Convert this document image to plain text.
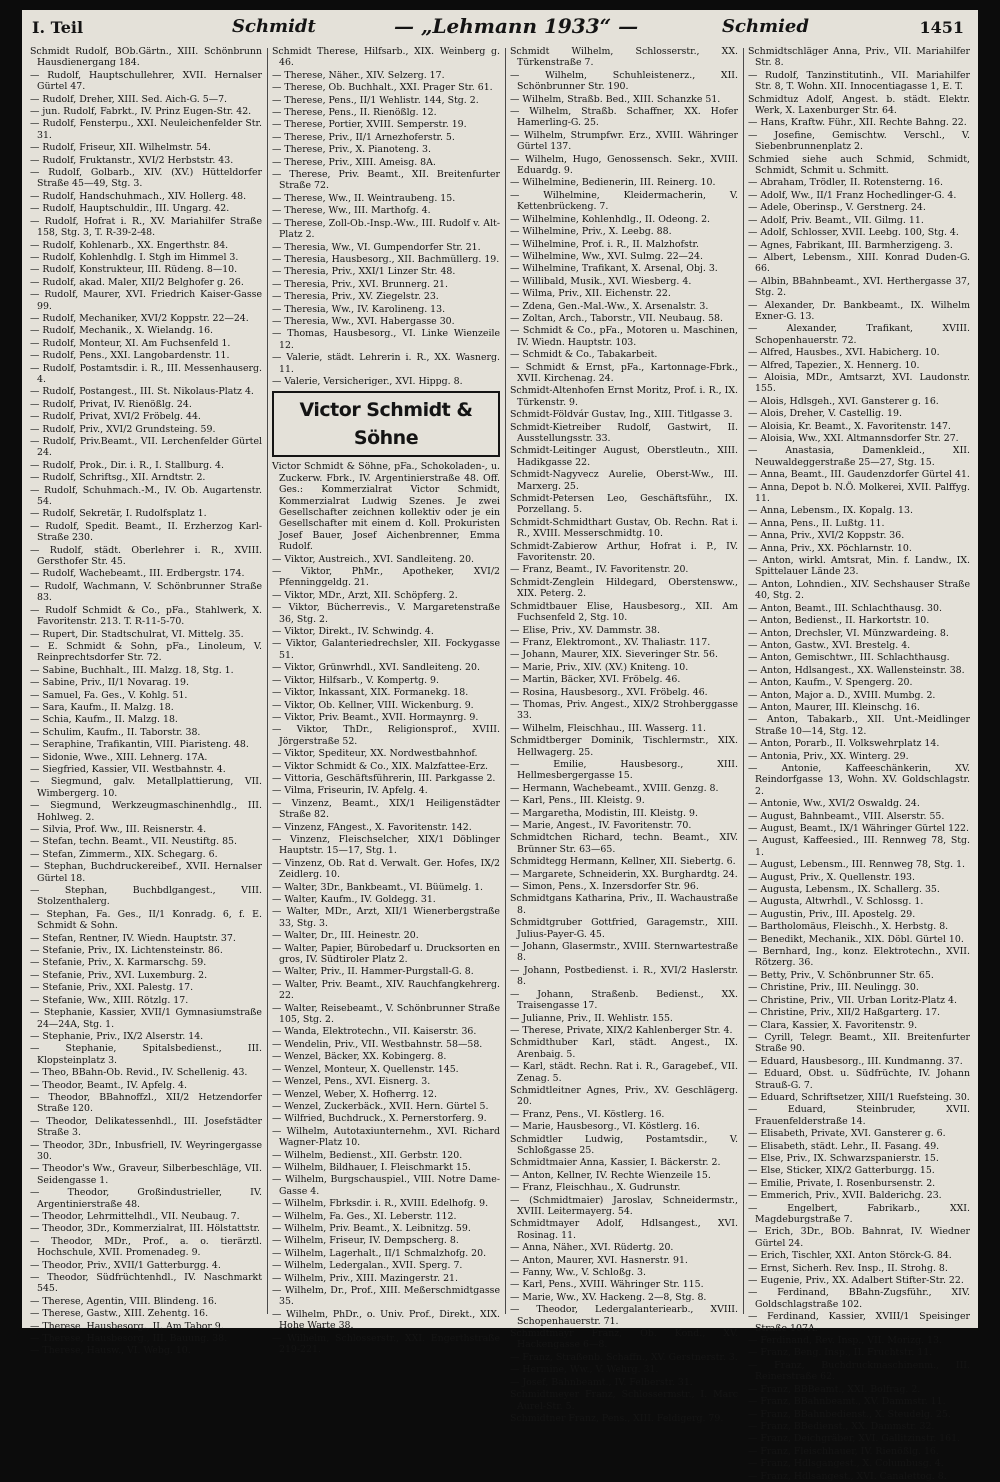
I. Teil	Schmidt	— „Lehmann 1933“ —	Schmied	1451
Schmidt Rudolf, BOb.Gärtn., XIII. Schönbrunn Hausdienergang 184.
— Rudolf, Hauptschullehrer, XVII. Hernalser Gürtel 47.
— Rudolf, Dreher, XIII. Sed. Aich-G. 5—7.
— jun. Rudolf, Fabrkt., IV. Prinz Eugen-Str. 42.
— Rudolf, Fensterpu., XXI. Neuleichenfelder Str. 31.
— Rudolf, Friseur, XII. Wilhelmstr. 54.
— Rudolf, Fruktanstr., XVI/2 Herbststr. 43.
— Rudolf, Golbarb., XIV. (XV.) Hütteldorfer Straße 45—49, Stg. 3.
— Rudolf, Handschuhmach., XIV. Hollerg. 48.
— Rudolf, Hauptschuldir., III. Ungarg. 42.
— Rudolf, Hofrat i. R., XV. Mariahilfer Straße 158, Stg. 3, T. R-39-2-48.
— Rudolf, Kohlenarb., XX. Engerthstr. 84.
— Rudolf, Kohlenhdlg. I. Stgh im Himmel 3.
— Rudolf, Konstrukteur, III. Rüdeng. 8—10.
— Rudolf, akad. Maler, XII/2 Belghofer g. 26.
— Rudolf, Maurer, XVI. Friedrich Kaiser-Gasse 99.
— Rudolf, Mechaniker, XVI/2 Koppstr. 22—24.
— Rudolf, Mechanik., X. Wielandg. 16.
— Rudolf, Monteur, XI. Am Fuchsenfeld 1.
— Rudolf, Pens., XXI. Langobardenstr. 11.
— Rudolf, Postamtsdir. i. R., III. Messenhauserg. 4.
— Rudolf, Postangest., III. St. Nikolaus-Platz 4.
— Rudolf, Privat, IV. Rienößlg. 24.
— Rudolf, Privat, XVI/2 Fröbelg. 44.
— Rudolf, Priv., XVI/2 Grundsteing. 59.
— Rudolf, Priv.Beamt., VII. Lerchenfelder Gürtel 24.
— Rudolf, Prok., Dir. i. R., I. Stallburg. 4.
— Rudolf, Schriftsg., XII. Arndtstr. 2.
— Rudolf, Schuhmach.-M., IV. Ob. Augartenstr. 54.
— Rudolf, Sekretär, I. Rudolfsplatz 1.
— Rudolf, Spedit. Beamt., II. Erzherzog Karl-Straße 230.
— Rudolf, städt. Oberlehrer i. R., XVIII. Gersthofer Str. 45.
— Rudolf, Wachebeamt., III. Erdbergstr. 174.
— Rudolf, Wachmann, V. Schönbrunner Straße 83.
— Rudolf Schmidt & Co., pFa., Stahlwerk, X. Favoritenstr. 213. T. R-11-5-70.
— Rupert, Dir. Stadtschulrat, VI. Mittelg. 35.
— E. Schmidt & Sohn, pFa., Linoleum, V. Reinprechtsdorfer Str. 72.
— Sabine, Buchhalt., III. Malzg. 18, Stg. 1.
— Sabine, Priv., II/1 Novarag. 19.
— Samuel, Fa. Ges., V. Kohlg. 51.
— Sara, Kaufm., II. Malzg. 18.
— Schia, Kaufm., II. Malzg. 18.
— Schulim, Kaufm., II. Taborstr. 38.
— Seraphine, Trafikantin, VIII. Piaristeng. 48.
— Sidonie, Wwe., XIII. Lehnerg. 17A.
— Siegfried, Kassier, VII. Westbahnstr. 4.
— Siegmund, galv. Metallplattierung, VII. Wimbergerg. 10.
— Siegmund, Werkzeugmaschinenhdlg., III. Hohlweg. 2.
— Silvia, Prof. Ww., III. Reisnerstr. 4.
— Stefan, techn. Beamt., VII. Neustiftg. 85.
— Stefan, Zimmerm., XIX. Schegarg. 6.
— Stephan, Buchdruckereibef., XVII. Hernalser Gürtel 18.
— Stephan, Buchbdlgangest., VIII. Stolzenthalerg.
— Stephan, Fa. Ges., II/1 Konradg. 6, f. E. Schmidt & Sohn.
— Stefan, Rentner, IV. Wiedn. Hauptstr. 37.
— Stefanie, Priv., IX. Lichtensteinstr. 86.
— Stefanie, Priv., X. Karmarschg. 59.
— Stefanie, Priv., XVI. Luxemburg. 2.
— Stefanie, Priv., XXI. Palestg. 17.
— Stefanie, Ww., XIII. Rötzlg. 17.
— Stephanie, Kassier, XVII/1 Gymnasiumstraße 24—24A, Stg. 1.
— Stephanie, Priv., IX/2 Alserstr. 14.
— Stephanie, Spitalsbedienst., III. Klopsteinplatz 3.
— Theo, BBahn-Ob. Revid., IV. Schellenig. 43.
— Theodor, Beamt., IV. Apfelg. 4.
— Theodor, BBahnoffzl., XII/2 Hetzendorfer Straße 120.
— Theodor, Delikatessenhdl., III. Josefstädter Straße 3.
— Theodor, 3Dr., Inbusfriell, IV. Weyringergasse 30.
— Theodor's Ww., Graveur, Silberbeschläge, VII. Seidengasse 1.
— Theodor, Großindustrieller, IV. Argentinierstraße 48.
— Theodor, Lehrmittelhdl., VII. Neubaug. 7.
— Theodor, 3Dr., Kommerzialrat, III. Hölstattstr.
— Theodor, MDr., Prof., a. o. tierärztl. Hochschule, XVII. Promenadeg. 9.
— Theodor, Priv., XVII/1 Gatterburgg. 4.
— Theodor, Südfrüchtenhdl., IV. Naschmarkt 545.
— Therese, Agentin, VIII. Blindeng. 16.
— Therese, Gastw., XIII. Zehentg. 16.
— Therese, Hausbesorg., II. Am Tabor 9.
— Therese, Hausbesorg., III. Bauung. 38.
— Therese, Hausw., VI. Webg. 10.
Schmidt Therese, Hilfsarb., XIX. Weinberg g. 46.
— Therese, Näher., XIV. Selzerg. 17.
— Therese, Ob. Buchhalt., XXI. Prager Str. 61.
— Therese, Pens., II/1 Wehlistr. 144, Stg. 2.
— Therese, Pens., II. Rienößlg. 12.
— Therese, Portier, XVIII. Semperstr. 19.
— Therese, Priv., II/1 Arnezhoferstr. 5.
— Therese, Priv., X. Pianoteng. 3.
— Therese, Priv., XIII. Ameisg. 8A.
— Therese, Priv. Beamt., XII. Breitenfurter Straße 72.
— Therese, Ww., II. Weintraubeng. 15.
— Therese, Ww., III. Marthofg. 4.
— Therese, Zoll-Ob.-Insp.-Ww., III. Rudolf v. Alt-Platz 2.
— Theresia, Ww., VI. Gumpendorfer Str. 21.
— Theresia, Hausbesorg., XII. Bachmüllerg. 19.
— Theresia, Priv., XXI/1 Linzer Str. 48.
— Theresia, Priv., XVI. Brunnerg. 21.
— Theresia, Priv., XV. Ziegelstr. 23.
— Theresia, Ww., IV. Karolineng. 13.
— Theresia, Ww., XVI. Habergasse 30.
— Thomas, Hausbesorg., VI. Linke Wienzeile 12.
— Valerie, städt. Lehrerin i. R., XX. Wasnerg. 11.
— Valerie, Versicheriger., XVI. Hippg. 8.
Victor Schmidt & Söhne
Victor Schmidt & Söhne, pFa., Schokoladen-, u. Zuckerw. Fbrk., IV. Argentinierstraße 48. Off. Ges.: Kommerzialrat Victor Schmidt, Kommerzialrat Ludwig Szenes. Je zwei Gesellschafter zeichnen kollektiv oder je ein Gesellschafter mit einem d. Koll. Prokuristen Josef Bauer, Josef Aichenbrenner, Emma Rudolf.
— Viktor, Austreich., XVI. Sandleiteng. 20.
— Viktor, PhMr., Apotheker, XVI/2 Pfenninggeldg. 21.
— Viktor, MDr., Arzt, XII. Schöpferg. 2.
— Viktor, Bücherrevis., V. Margaretenstraße 36, Stg. 2.
— Viktor, Direkt., IV. Schwindg. 4.
— Viktor, Galanteriedrechsler, XII. Fockygasse 51.
— Viktor, Grünwrhdl., XVI. Sandleiteng. 20.
— Viktor, Hilfsarb., V. Kompertg. 9.
— Viktor, Inkassant, XIX. Formanekg. 18.
— Viktor, Ob. Kellner, VIII. Wickenburg. 9.
— Viktor, Priv. Beamt., XVII. Hormaynrg. 9.
— Viktor, ThDr., Religionsprof., XVIII. Jörgerstraße 52.
— Viktor, Spediteur, XX. Nordwestbahnhof.
— Viktor Schmidt & Co., XIX. Malzfattee-Erz.
— Vittoria, Geschäftsführerin, III. Parkgasse 2.
— Vilma, Friseurin, IV. Apfelg. 4.
— Vinzenz, Beamt., XIX/1 Heiligenstädter Straße 82.
— Vinzenz, FAngest., X. Favoritenstr. 142.
— Vinzenz, Fleischselcher, XIX/1 Döblinger Hauptstr. 15—17, Stg. 1.
— Vinzenz, Ob. Rat d. Verwalt. Ger. Hofes, IX/2 Zeidlerg. 10.
— Walter, 3Dr., Bankbeamt., VI. Büümelg. 1.
— Walter, Kaufm., IV. Goldegg. 31.
— Walter, MDr., Arzt, XII/1 Wienerbergstraße 33, Stg. 3.
— Walter, Dr., III. Heinestr. 20.
— Walter, Papier, Bürobedarf u. Drucksorten en gros, IV. Südtiroler Platz 2.
— Walter, Priv., II. Hammer-Purgstall-G. 8.
— Walter, Priv. Beamt., XIV. Rauchfangkehrerg. 22.
— Walter, Reisebeamt., V. Schönbrunner Straße 105, Stg. 2.
— Wanda, Elektrotechn., VII. Kaiserstr. 36.
— Wendelin, Priv., VII. Westbahnstr. 58—58.
— Wenzel, Bäcker, XX. Kobingerg. 8.
— Wenzel, Monteur, X. Quellenstr. 145.
— Wenzel, Pens., XVI. Eisnerg. 3.
— Wenzel, Weber, X. Hofherrg. 12.
— Wenzel, Zuckerbäck., XVII. Hern. Gürtel 5.
— Wilfried, Buchdruck., X. Pernerstorferg. 9.
— Wilhelm, Autotaxiunternehm., XVI. Richard Wagner-Platz 10.
— Wilhelm, Bedienst., XII. Gerbstr. 120.
— Wilhelm, Bildhauer, I. Fleischmarkt 15.
— Wilhelm, Burgschauspiel., VIII. Notre Dame-Gasse 4.
— Wilhelm, Fbrksdir. i. R., XVIII. Edelhofg. 9.
— Wilhelm, Fa. Ges., XI. Leberstr. 112.
— Wilhelm, Priv. Beamt., X. Leibnitzg. 59.
— Wilhelm, Friseur, IV. Dempscherg. 8.
— Wilhelm, Lagerhalt., II/1 Schmalzhofg. 20.
— Wilhelm, Ledergalan., XVII. Sperg. 7.
— Wilhelm, Priv., XIII. Mazingerstr. 21.
— Wilhelm, Dr., Prof., XIII. Meßerschmidtgasse 35.
— Wilhelm, PhDr., o. Univ. Prof., Direkt., XIX. Hohe Warte 38.
— Wilhelm, Schlosserstr., XXI. Engerthstraße 219-221.
Schmidt Wilhelm, Schlosserstr., XX. Türkenstraße 7.
— Wilhelm, Schuhleistenerz., XII. Schönbrunner Str. 190.
— Wilhelm, Straßb. Bed., XIII. Schanzke 51.
— Wilhelm, Straßb. Schaffner, XX. Hofer Hamerling-G. 25.
— Wilhelm, Strumpfwr. Erz., XVIII. Währinger Gürtel 137.
— Wilhelm, Hugo, Genossensch. Sekr., XVIII. Eduardg. 9.
— Wilhelmine, Bedienerin, III. Reinerg. 10.
— Wilhelmine, Kleidermacherin, V. Kettenbrückeng. 7.
— Wilhelmine, Kohlenhdlg., II. Odeong. 2.
— Wilhelmine, Priv., X. Leebg. 88.
— Wilhelmine, Prof. i. R., II. Malzhofstr.
— Wilhelmine, Ww., XVI. Sulmg. 22—24.
— Wilhelmine, Trafikant, X. Arsenal, Obj. 3.
— Willibald, Musik., XVI. Wiesberg. 4.
— Wilma, Priv., XII. Eichenstr. 22.
— Zdena, Gen.-Mal.-Ww., X. Arsenalstr. 3.
— Zoltan, Arch., Taborstr., VII. Neubaug. 58.
— Schmidt & Co., pFa., Motoren u. Maschinen, IV. Wiedn. Hauptstr. 103.
— Schmidt & Co., Tabakarbeit.
— Schmidt & Ernst, pFa., Kartonnage-Fbrk., XVII. Kirchenag. 24.
Schmidt-Altenhofen Ernst Moritz, Prof. i. R., IX. Türkenstr. 9.
Schmidt-Földvár Gustav, Ing., XIII. Titlgasse 3.
Schmidt-Kietreiber Rudolf, Gastwirt, II. Ausstellungsstr. 33.
Schmidt-Leitinger August, Oberstleutn., XIII. Hadikgasse 22.
Schmidt-Nagyvecz Aurelie, Oberst-Ww., III. Marxerg. 25.
Schmidt-Petersen Leo, Geschäftsführ., IX. Porzellang. 5.
Schmidt-Schmidthart Gustav, Ob. Rechn. Rat i. R., XVIII. Messerschmidtg. 10.
Schmidt-Zabierow Arthur, Hofrat i. P., IV. Favoritenstr. 20.
— Franz, Beamt., IV. Favoritenstr. 20.
Schmidt-Zenglein Hildegard, Oberstensww., XIX. Peterg. 2.
Schmidtbauer Elise, Hausbesorg., XII. Am Fuchsenfeld 2, Stg. 10.
— Elise, Priv., XV. Dammstr. 38.
— Franz, Elektromont., XV. Thaliastr. 117.
— Johann, Maurer, XIX. Sieveringer Str. 56.
— Marie, Priv., XIV. (XV.) Kniteng. 10.
— Martin, Bäcker, XVI. Fröbelg. 46.
— Rosina, Hausbesorg., XVI. Fröbelg. 46.
— Thomas, Priv. Angest., XIX/2 Strohberggasse 33.
— Wilhelm, Fleischhau., III. Wasserg. 11.
Schmidtberger Dominik, Tischlermstr., XIX. Hellwagerg. 25.
— Emilie, Hausbesorg., XIII. Hellmesbergergasse 15.
— Hermann, Wachebeamt., XVIII. Genzg. 8.
— Karl, Pens., III. Kleistg. 9.
— Margaretha, Modistin, III. Kleistg. 9.
— Marie, Angest., IV. Favoritenstr. 70.
Schmidtchen Richard, techn. Beamt., XIV. Brünner Str. 63—65.
Schmidtegg Hermann, Kellner, XII. Siebertg. 6.
— Margarete, Schneiderin, XX. Burghardtg. 24.
— Simon, Pens., X. Inzersdorfer Str. 96.
Schmidtgans Katharina, Priv., II. Wachaustraße 8.
Schmidtgruber Gottfried, Garagemstr., XIII. Julius-Payer-G. 45.
— Johann, Glasermstr., XVIII. Sternwartestraße 8.
— Johann, Postbedienst. i. R., XVI/2 Haslerstr. 8.
— Johann, Straßenb. Bedienst., XX. Traisengasse 17.
— Julianne, Priv., II. Wehlistr. 155.
— Therese, Private, XIX/2 Kahlenberger Str. 4.
Schmidthuber Karl, städt. Angest., IX. Arenbaig. 5.
— Karl, städt. Rechn. Rat i. R., Garagebef., VII. Zenag. 5.
Schmidtleitner Agnes, Priv., XV. Geschlägerg. 20.
— Franz, Pens., VI. Köstlerg. 16.
— Marie, Hausbesorg., VI. Köstlerg. 16.
Schmidtler Ludwig, Postamtsdir., V. Schloßgasse 25.
Schmidtmaier Anna, Kassier, I. Bäckerstr. 2.
— Anton, Kellner, IV. Rechte Wienzeile 15.
— Franz, Fleischhau., X. Gudrunstr.
— (Schmidtmaier) Jaroslav, Schneidermstr., XVIII. Leitermayerg. 54.
Schmidtmayer Adolf, Hdlsangest., XVI. Rosinag. 11.
— Anna, Näher., XVI. Rüdertg. 20.
— Anton, Maurer, XVI. Hasnerstr. 91.
— Fanny, Ww., V. Schloßg. 3.
— Karl, Pens., XVIII. Währinger Str. 115.
— Marie, Ww., XV. Hackeng. 2—8, Stg. 8.
— Theodor, Ledergalanteriearb., XVIII. Schopenhauerstr. 71.
Schmidtmayr Franz, Ob. Kond., XV. Hackengasse 6—8.
— Franz, Straßenb. Schaffn., XV. Gerstnerstr. 3.
— Hermine, Ww., V. Wehrg. 31.
— Josef, Bahnbeamt., IV. Felberstr. 31.
Schmidtmeyer Franz, Schlossermstr., I. Marc Aurel-Str. 5.
Schmidtner Franz, Pens., XIII. Feldigerg. 79.
Schmidtschläger Anna, Priv., VII. Mariahilfer Str. 8.
— Rudolf, Tanzinstitutinh., VII. Mariahilfer Str. 8, T. Wohn. XII. Innocentiagasse 1, E. T.
Schmidtuz Adolf, Angest. b. städt. Elektr. Werk, X. Laxenburger Str. 64.
— Hans, Kraftw. Führ., XII. Rechte Bahng. 22.
— Josefine, Gemischtw. Verschl., V. Siebenbrunnenplatz 2.
Schmied siehe auch Schmid, Schmidt, Schmidt, Schmit u. Schmitt.
— Abraham, Trödler, II. Rotensterng. 16.
— Adolf, Ww., II/1 Franz Hochedlinger-G. 4.
— Adele, Oberinsp., V. Gerstnerg. 24.
— Adolf, Priv. Beamt., VII. Gilmg. 11.
— Adolf, Schlosser, XVII. Leebg. 100, Stg. 4.
— Agnes, Fabrikant, III. Barmherzigeng. 3.
— Albert, Lebensm., XIII. Konrad Duden-G. 66.
— Albin, BBahnbeamt., XVI. Herthergasse 37, Stg. 2.
— Alexander, Dr. Bankbeamt., IX. Wilhelm Exner-G. 13.
— Alexander, Trafikant, XVIII. Schopenhauerstr. 72.
— Alfred, Hausbes., XVI. Habicherg. 10.
— Alfred, Tapezier., X. Hennerg. 10.
— Aloisia, MDr., Amtsarzt, XVI. Laudonstr. 155.
— Alois, Hdlsgeh., XVI. Gansterer g. 16.
— Alois, Dreher, V. Castellig. 19.
— Aloisia, Kr. Beamt., X. Favoritenstr. 147.
— Aloisia, Ww., XXI. Altmannsdorfer Str. 27.
— Anastasia, Damenkleid., XII. Neuwaldeggerstraße 25—27, Stg. 15.
— Anna, Beamt., III. Gaudenzdorfer Gürtel 41.
— Anna, Depot b. N.Ö. Molkerei, XVII. Palffyg. 11.
— Anna, Lebensm., IX. Kopalg. 13.
— Anna, Pens., II. Lußtg. 11.
— Anna, Priv., XVI/2 Koppstr. 36.
— Anna, Priv., XX. Pöchlarnstr. 10.
— Anton, wirkl. Amtsrat, Min. f. Landw., IX. Spittelauer Lände 23.
— Anton, Lohndien., XIV. Sechshauser Straße 40, Stg. 2.
— Anton, Beamt., III. Schlachthausg. 30.
— Anton, Bedienst., II. Harkortstr. 10.
— Anton, Drechsler, VI. Münzwardeing. 8.
— Anton, Gastw., XVI. Brestelg. 4.
— Anton, Gemischtwr., III. Schlachthausg.
— Anton, Hdlsangest., XX. Wallensteinstr. 38.
— Anton, Kaufm., V. Spengerg. 20.
— Anton, Major a. D., XVIII. Mumbg. 2.
— Anton, Maurer, III. Kleinschg. 16.
— Anton, Tabakarb., XII. Unt.-Meidlinger Straße 10—14, Stg. 12.
— Anton, Porarb., II. Volkswehrplatz 14.
— Antonia, Priv., XX. Winterg. 29.
— Antonie, Kaffeeschänkerin, XV. Reindorfgasse 13, Wohn. XV. Goldschlagstr. 2.
— Antonie, Ww., XVI/2 Oswaldg. 24.
— August, Bahnbeamt., VIII. Alserstr. 55.
— August, Beamt., IX/1 Währinger Gürtel 122.
— August, Kaffeesied., III. Rennweg 78, Stg. 1.
— August, Lebensm., III. Rennweg 78, Stg. 1.
— August, Priv., X. Quellenstr. 193.
— Augusta, Lebensm., IX. Schallerg. 35.
— Augusta, Altwrhdl., V. Schlossg. 1.
— Augustin, Priv., III. Apostelg. 29.
— Bartholomäus, Fleischh., X. Herbstg. 8.
— Benedikt, Mechanik., XIX. Döbl. Gürtel 10.
— Bernhard, Ing., konz. Elektrotechn., XVII. Rötzerg. 36.
— Betty, Priv., V. Schönbrunner Str. 65.
— Christine, Priv., III. Neulingg. 30.
— Christine, Priv., VII. Urban Loritz-Platz 4.
— Christine, Priv., XII/2 Haßgarterg. 17.
— Clara, Kassier, X. Favoritenstr. 9.
— Cyrill, Telegr. Beamt., XII. Breitenfurter Straße 90.
— Eduard, Hausbesorg., III. Kundmanng. 37.
— Eduard, Obst. u. Südfrüchte, IV. Johann Strauß-G. 7.
— Eduard, Schriftsetzer, XIII/1 Ruefsteing. 30.
— Eduard, Steinbruder, XVII. Frauenfelderstraße 14.
— Elisabeth, Private, XVI. Gansterer g. 6.
— Elisabeth, städt. Lehr., II. Fasang. 49.
— Else, Priv., IX. Schwarzspanierstr. 15.
— Else, Sticker, XIX/2 Gatterburgg. 15.
— Emilie, Private, I. Rosenbursenstr. 2.
— Emmerich, Priv., XVII. Balderichg. 23.
— Engelbert, Fabrikarb., XXI. Magdeburgstraße 7.
— Erich, 3Dr., BOb. Bahnrat, IV. Wiedner Gürtel 24.
— Erich, Tischler, XXI. Anton Störck-G. 84.
— Ernst, Sicherh. Rev. Insp., II. Strohg. 8.
— Eugenie, Priv., XX. Adalbert Stifter-Str. 22.
— Ferdinand, BBahn-Zugsführ., XIV. Goldschlagstraße 102.
— Ferdinand, Kassier, XVIII/1 Speisinger Straße 107A.
— Ferdinand, Rev. Insp., VII. Morizg. 13.
— Franz, Beng. Insp., II. Fruchtstr. 11.
— Franz, Buchdruckmaschinenm., III. Reinerstraße 62.
— Franz, BBBeamt., XXI. Bolfrag. 2.
— Franz, BBahnbeamt., XV. Dammstr. 11.
— Franz, BBahnbedienst., X. Steudelg. 25.
— Franz, BBedienst., XX. Dammstr. 32.
— Franz, Deichgräber, XVI. Gallitzinstr. 161.
— Franz, Fleischhauer, IV. Rienößlg. 16.
— Franz, Hdlsgangest., X. Columbusg. 4.
— Franz, Hdlsangest., XVI. Canalettog. 8.
